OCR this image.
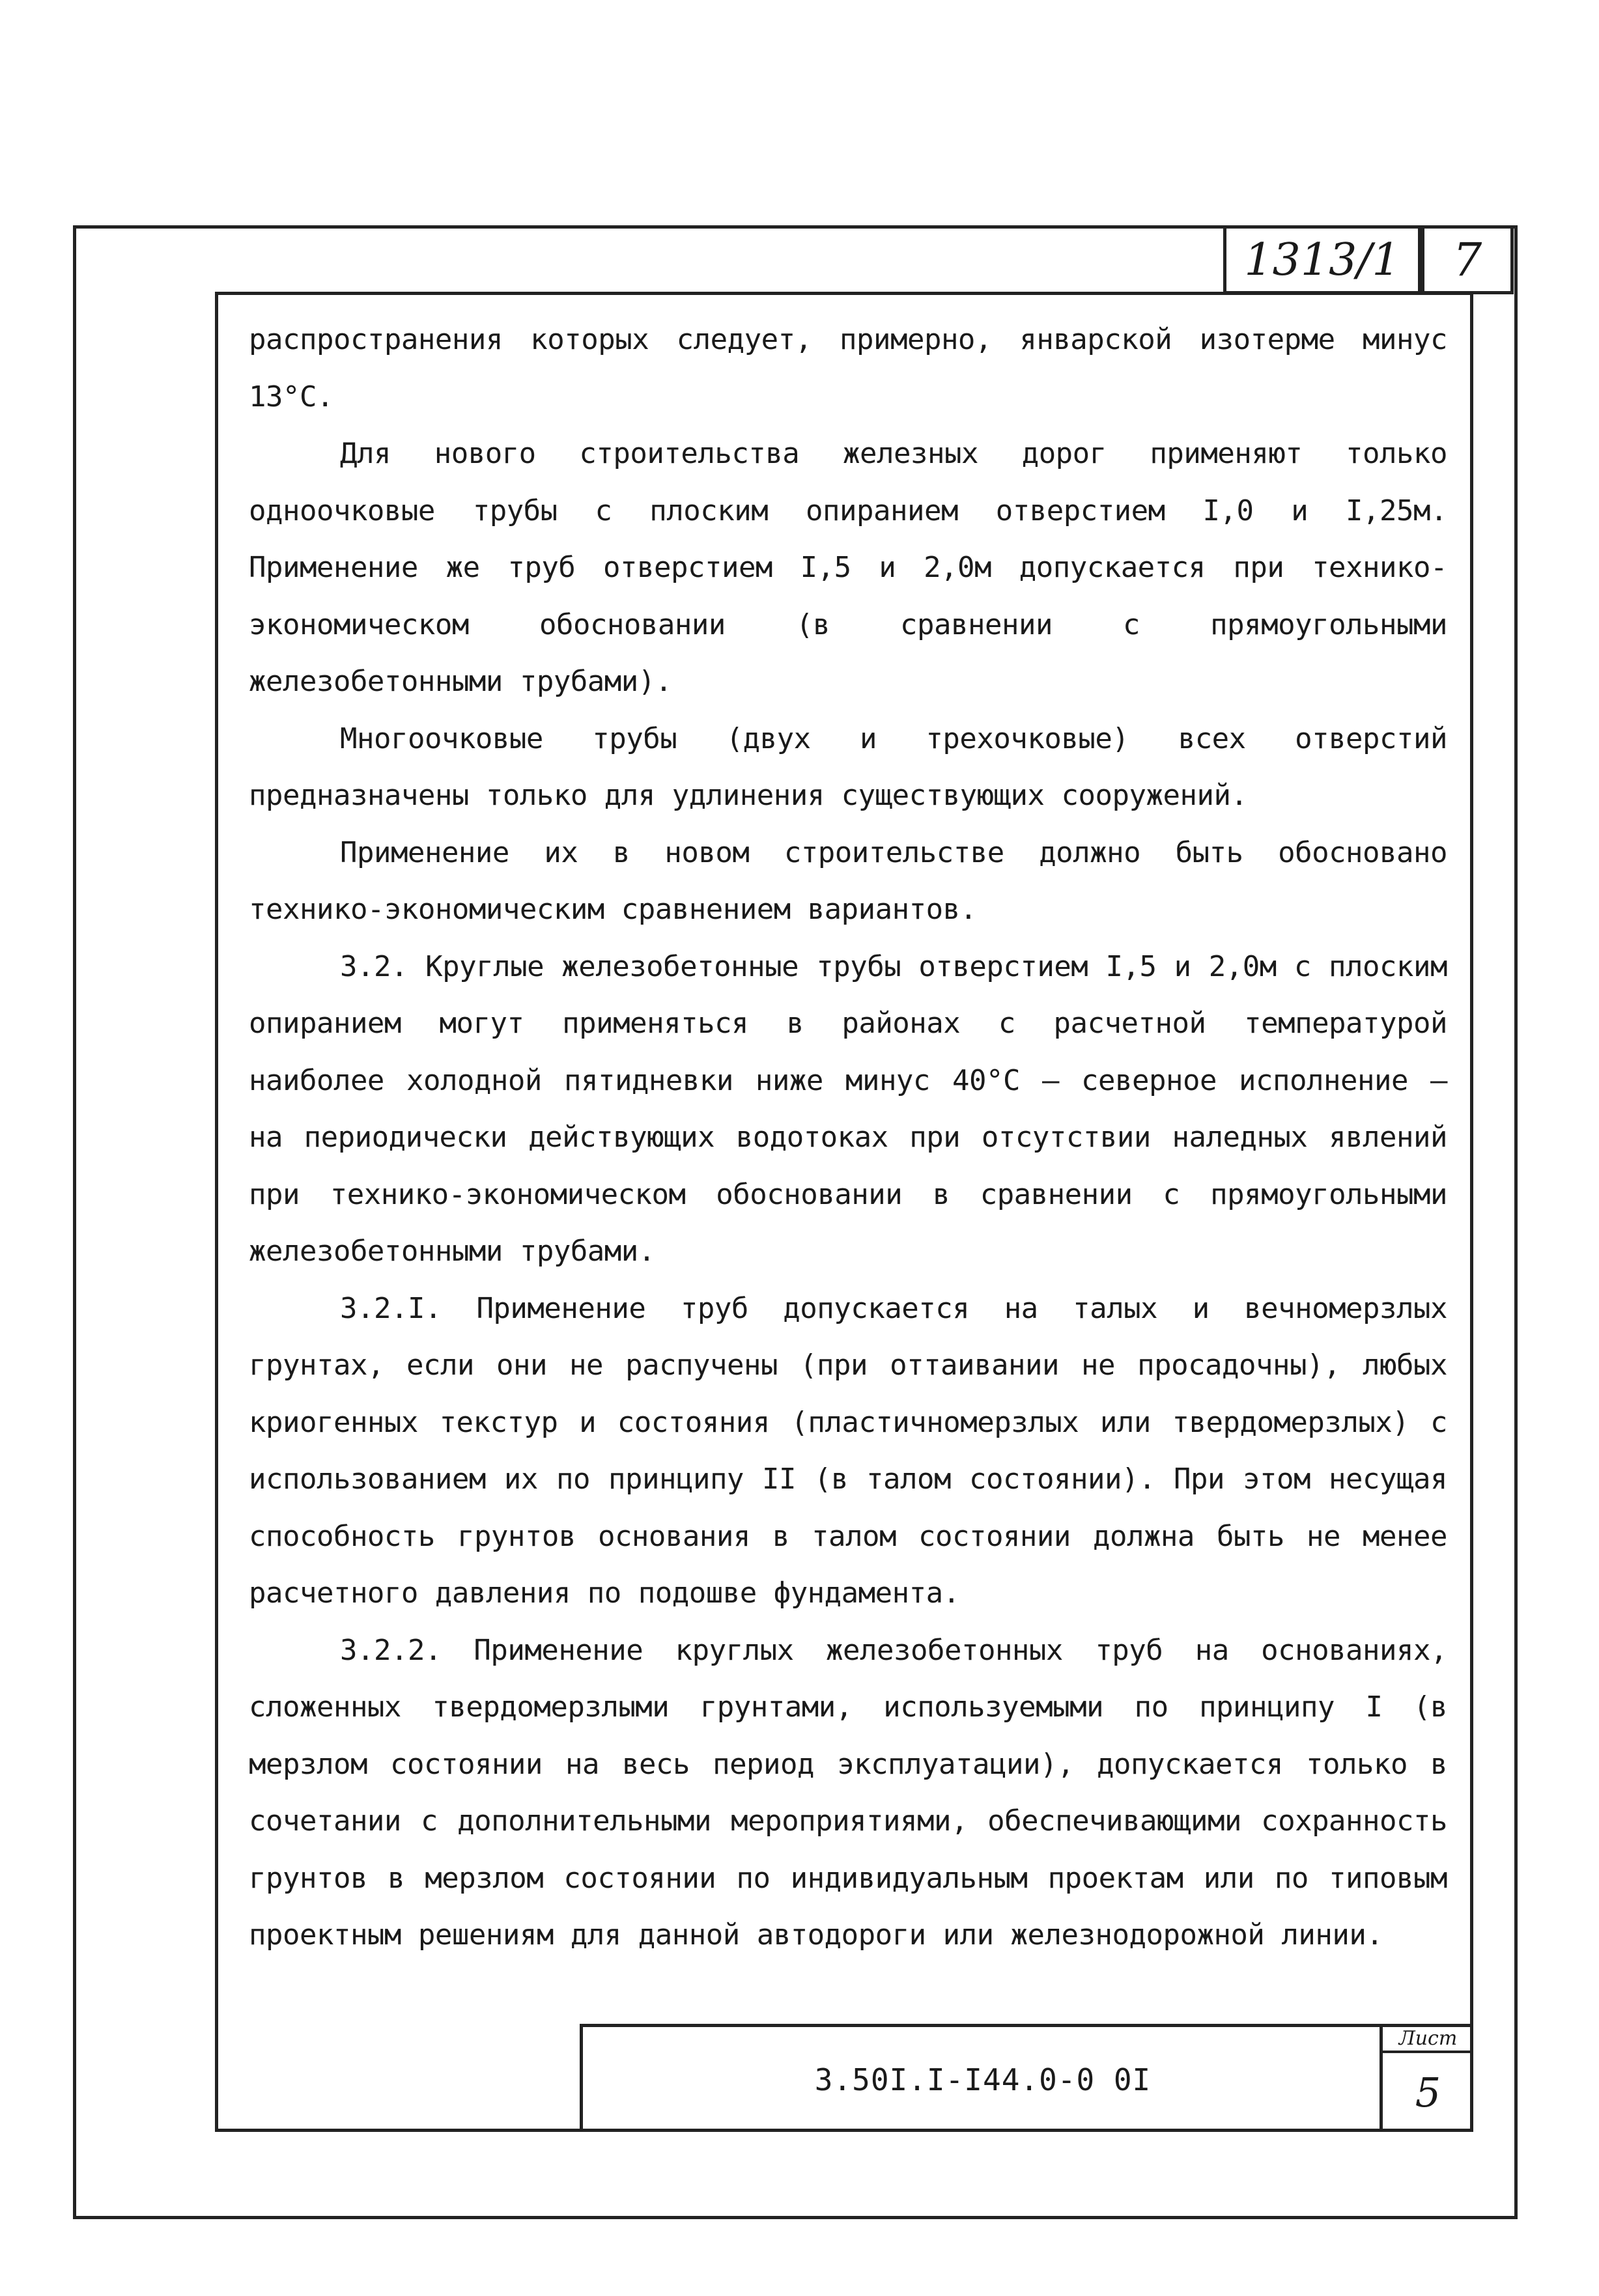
1313/1	7

распространения которых следует, примерно, январской изотерме минус 13°С.

Для нового строительства железных дорог применяют только одноочковые трубы с плоским опиранием отверстием I,0 и I,25м. Применение же труб отверстием I,5 и 2,0м допускается при технико-экономическом обосновании (в сравнении с прямоугольными железобетонными трубами).

Многоочковые трубы (двух и трехочковые) всех отверстий предназначены только для удлинения существующих сооружений.

Применение их в новом строительстве должно быть обосновано технико-экономическим сравнением вариантов.

3.2. Круглые железобетонные трубы отверстием I,5 и 2,0м с плоским опиранием могут применяться в районах с расчетной температурой наиболее холодной пятидневки ниже минус 40°С – северное исполнение – на периодически действующих водотоках при отсутствии наледных явлений при технико-экономическом обосновании в сравнении с прямоугольными железобетонными трубами.

3.2.I. Применение труб допускается на талых и вечномерзлых грунтах, если они не распучены (при оттаивании не просадочны), любых криогенных текстур и состояния (пластичномерзлых или твердомерзлых) с использованием их по принципу II (в талом состоянии). При этом несущая способность грунтов основания в талом состоянии должна быть не менее расчетного давления по подошве фундамента.

3.2.2. Применение круглых железобетонных труб на основаниях, сложенных твердомерзлыми грунтами, используемыми по принципу I (в мерзлом состоянии на весь период эксплуатации), допускается только в сочетании с дополнительными мероприятиями, обеспечивающими сохранность грунтов в мерзлом состоянии по индивидуальным проектам или по типовым проектным решениям для данной автодороги или железнодорожной линии.

3.50I.I-I44.0-0 0I
Лист
5
